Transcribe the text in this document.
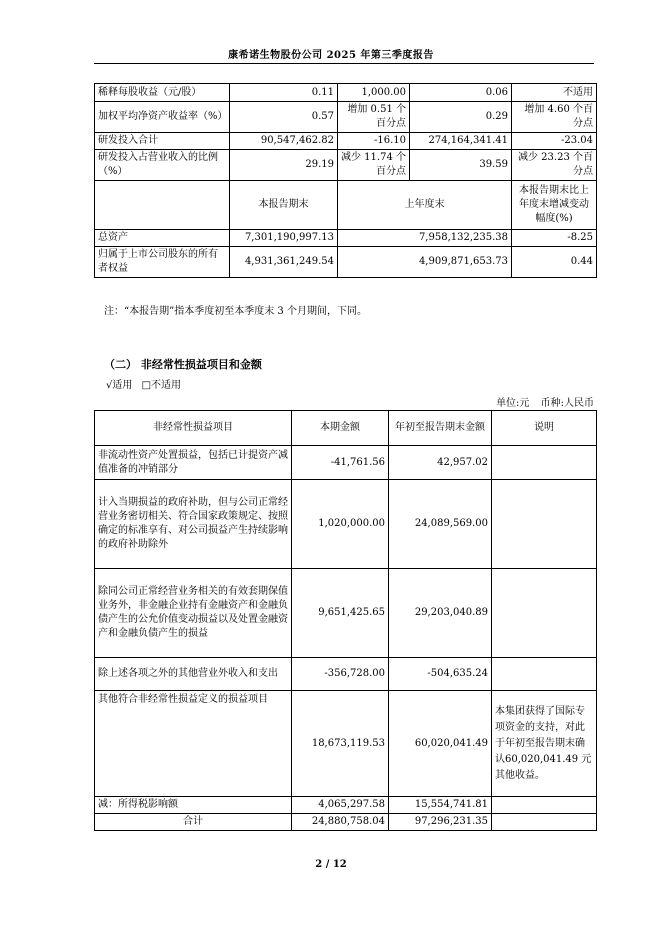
康希诺生物股份公司 2025 年第三季度报告
稀释每股收益（元/股）	0.11	1,000.00	0.06	不适用
加权平均净资产收益率（%）	0.57	增加 0.51 个百分点	0.29	增加 4.60 个百分点
研发投入合计	90,547,462.82	-16.10	274,164,341.41	-23.04
研发投入占营业收入的比例（%）	29.19	减少 11.74 个百分点	39.59	减少 23.23 个百分点
	本报告期末	上年度末		本报告期末比上年度末增减变动幅度(%)
总资产	7,301,190,997.13	7,958,132,235.38		-8.25
归属于上市公司股东的所有者权益	4,931,361,249.54	4,909,871,653.73		0.44
注：“本报告期”指本季度初至本季度末 3 个月期间，下同。
（二） 非经常性损益项目和金额
√适用 □不适用
单位:元 币种:人民币
非经常性损益项目	本期金额	年初至报告期末金额	说明
非流动性资产处置损益，包括已计提资产减值准备的冲销部分	-41,761.56	42,957.02	
计入当期损益的政府补助，但与公司正常经营业务密切相关、符合国家政策规定、按照确定的标准享有、对公司损益产生持续影响的政府补助除外	1,020,000.00	24,089,569.00	
除同公司正常经营业务相关的有效套期保值业务外，非金融企业持有金融资产和金融负债产生的公允价值变动损益以及处置金融资产和金融负债产生的损益	9,651,425.65	29,203,040.89	
除上述各项之外的其他营业外收入和支出	-356,728.00	-504,635.24	
其他符合非经常性损益定义的损益项目	18,673,119.53	60,020,041.49	本集团获得了国际专项资金的支持，对此于年初至报告期末确认60,020,041.49 元其他收益。
减：所得税影响额	4,065,297.58	15,554,741.81	
合计	24,880,758.04	97,296,231.35	
2 / 12
